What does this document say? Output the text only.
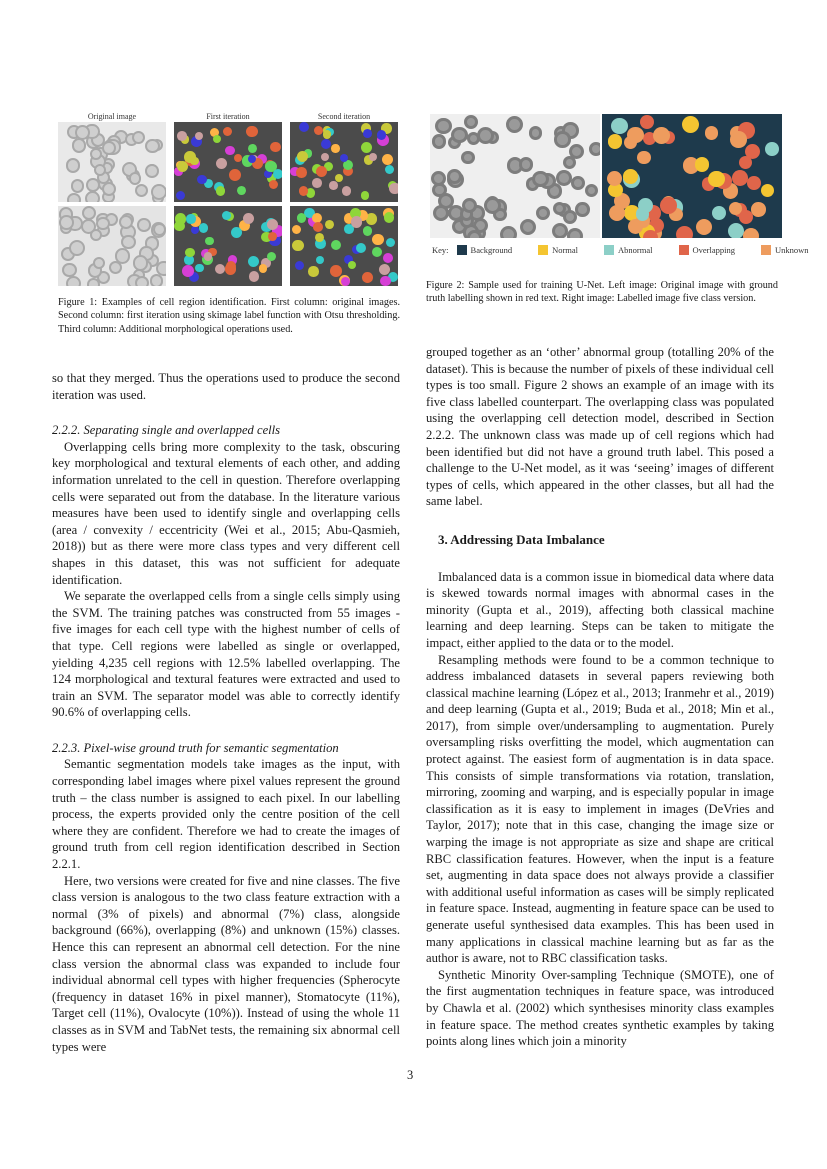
Original image	First iteration	Second iteration
Figure 1: Examples of cell region identification. First column: original images. Second column: first iteration using skimage label function with Otsu thresholding. Third column: Additional morphological operations used.
Key:	Background	Normal	Abnormal	Overlapping	Unknown
Figure 2: Sample used for training U-Net. Left image: Original image with ground truth labelling shown in red text. Right image: Labelled image five class version.

so that they merged. Thus the operations used to produce the second iteration was used.

2.2.2. Separating single and overlapped cells

Overlapping cells bring more complexity to the task, obscuring key morphological and textural elements of each other, and adding information unrelated to the cell in question. Therefore overlapping cells were separated out from the database. In the literature various measures have been used to identify single and overlapping cells (area / convexity / eccentricity (Wei et al., 2015; Abu-Qasmieh, 2018)) but as there were more class types and very different cell shapes in this dataset, this was not sufficient for adequate identification.

We separate the overlapped cells from a single cells simply using the SVM. The training patches was constructed from 55 images - five images for each cell type with the highest number of cells of that type. Cell regions were labelled as single or overlapped, yielding 4,235 cell regions with 12.5% labelled overlapping. The 124 morphological and textural features were extracted and used to train an SVM. The separator model was able to correctly identify 90.6% of overlapping cells.

2.2.3. Pixel-wise ground truth for semantic segmentation

Semantic segmentation models take images as the input, with corresponding label images where pixel values represent the ground truth – the class number is assigned to each pixel. In our labelling process, the experts provided only the centre position of the cell where they are confident. Therefore we had to create the images of ground truth from cell region identification described in Section 2.2.1.

Here, two versions were created for five and nine classes. The five class version is analogous to the two class feature extraction with a normal (3% of pixels) and abnormal (7%) class, alongside background (66%), overlapping (8%) and unknown (15%) classes. Hence this can represent an abnormal cell detection. For the nine class version the abnormal class was expanded to include four individual abnormal cell types with higher frequencies (Spherocyte (frequency in dataset 16% in pixel manner), Stomatocyte (11%), Target cell (11%), Ovalocyte (10%)). Instead of using the whole 11 classes as in SVM and TabNet tests, the remaining six abnormal cell types were

grouped together as an ‘other’ abnormal group (totalling 20% of the dataset). This is because the number of pixels of these individual cell types is too small. Figure 2 shows an example of an image with its five class labelled counterpart. The overlapping class was populated using the overlapping cell detection model, described in Section 2.2.2. The unknown class was made up of cell regions which had been identified but did not have a ground truth label. This posed a challenge to the U-Net model, as it was ‘seeing’ images of different types of cells, which appeared in the other classes, but all had the same label.

3. Addressing Data Imbalance

Imbalanced data is a common issue in biomedical data where data is skewed towards normal images with abnormal cases in the minority (Gupta et al., 2019), affecting both classical machine learning and deep learning. Steps can be taken to mitigate the impact, either applied to the data or to the model.

Resampling methods were found to be a common technique to address imbalanced datasets in several papers reviewing both classical machine learning (López et al., 2013; Iranmehr et al., 2019) and deep learning (Gupta et al., 2019; Buda et al., 2018; Min et al., 2017), from simple over/undersampling to augmentation. Purely oversampling risks overfitting the model, which augmentation can protect against. The easiest form of augmentation is in data space. This consists of simple transformations via rotation, translation, mirroring, zooming and warping, and is especially popular in image classification as it is easy to implement in images (DeVries and Taylor, 2017); note that in this case, changing the image size or warping the image is not appropriate as size and shape are critical RBC classification features. However, when the input is a feature set, augmenting in data space does not always provide a classifier with additional useful information as cases will be simply replicated in feature space. Instead, augmenting in feature space can be used to generate useful synthesised data examples. This has been used in many applications in classical machine learning but as far as the author is aware, not to RBC classification tasks.

Synthetic Minority Over-sampling Technique (SMOTE), one of the first augmentation techniques in feature space, was introduced by Chawla et al. (2002) which synthesises minority class examples in feature space. The method creates synthetic examples by taking points along lines which join a minority

3
